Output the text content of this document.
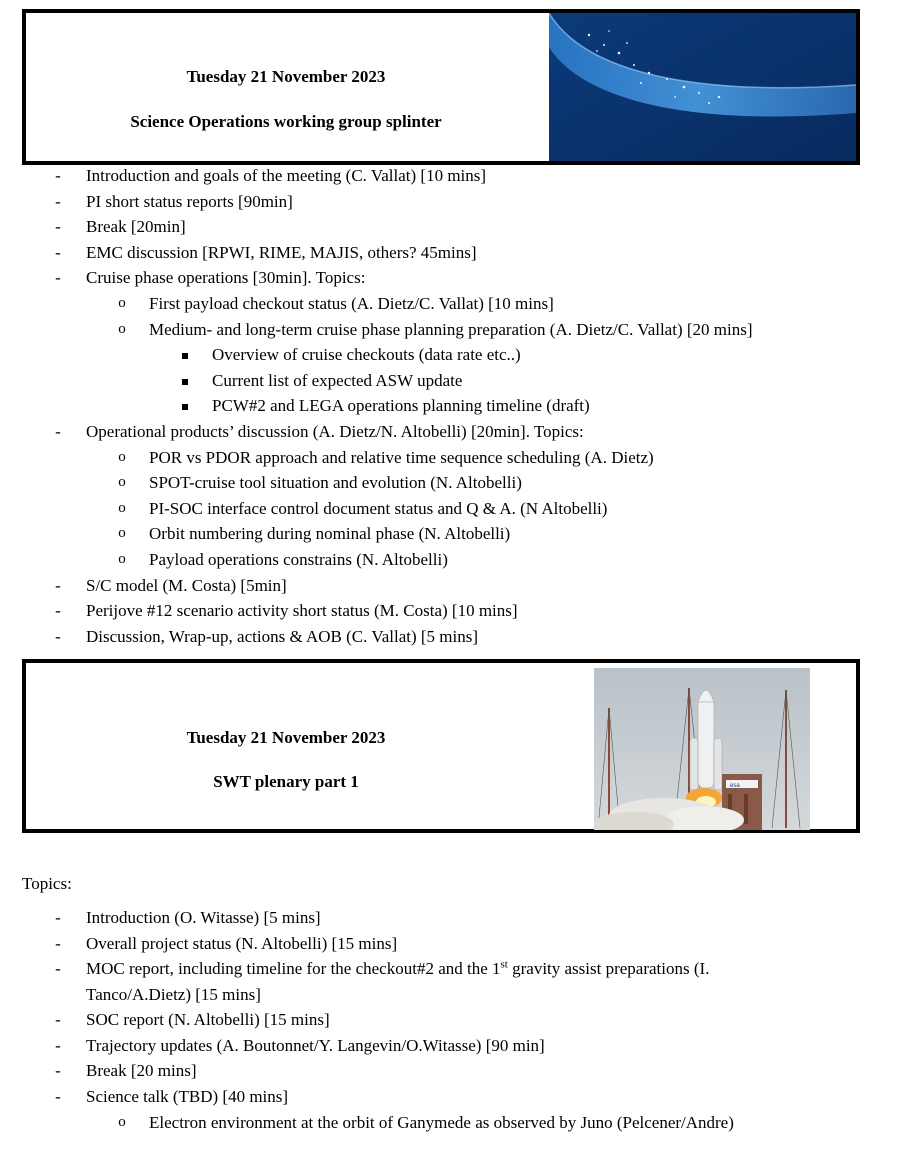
Tuesday 21 November 2023
Science Operations working group splinter
- Introduction and goals of the meeting (C. Vallat) [10 mins]
- PI short status reports [90min]
- Break [20min]
- EMC discussion [RPWI, RIME, MAJIS, others? 45mins]
- Cruise phase operations [30min]. Topics:
o First payload checkout status (A. Dietz/C. Vallat) [10 mins]
o Medium- and long-term cruise phase planning preparation (A. Dietz/C. Vallat) [20 mins]
Overview of cruise checkouts (data rate etc..)
Current list of expected ASW update
PCW#2 and LEGA operations planning timeline (draft)
- Operational products’ discussion (A. Dietz/N. Altobelli) [20min]. Topics:
o POR vs PDOR approach and relative time sequence scheduling (A. Dietz)
o SPOT-cruise tool situation and evolution (N. Altobelli)
o PI-SOC interface control document status and Q & A. (N Altobelli)
o Orbit numbering during nominal phase (N. Altobelli)
o Payload operations constrains (N. Altobelli)
- S/C model (M. Costa) [5min]
- Perijove #12 scenario activity short status (M. Costa) [10 mins]
- Discussion, Wrap-up, actions & AOB (C. Vallat) [5 mins]
Tuesday 21 November 2023
SWT plenary part 1	esa
Topics:
- Introduction (O. Witasse) [5 mins]
- Overall project status (N. Altobelli) [15 mins]
- MOC report, including timeline for the checkout#2 and the 1st gravity assist preparations (I.
Tanco/A.Dietz) [15 mins]
- SOC report (N. Altobelli) [15 mins]
- Trajectory updates (A. Boutonnet/Y. Langevin/O.Witasse) [90 min]
- Break [20 mins]
- Science talk (TBD) [40 mins]
o Electron environment at the orbit of Ganymede as observed by Juno (Pelcener/Andre)
